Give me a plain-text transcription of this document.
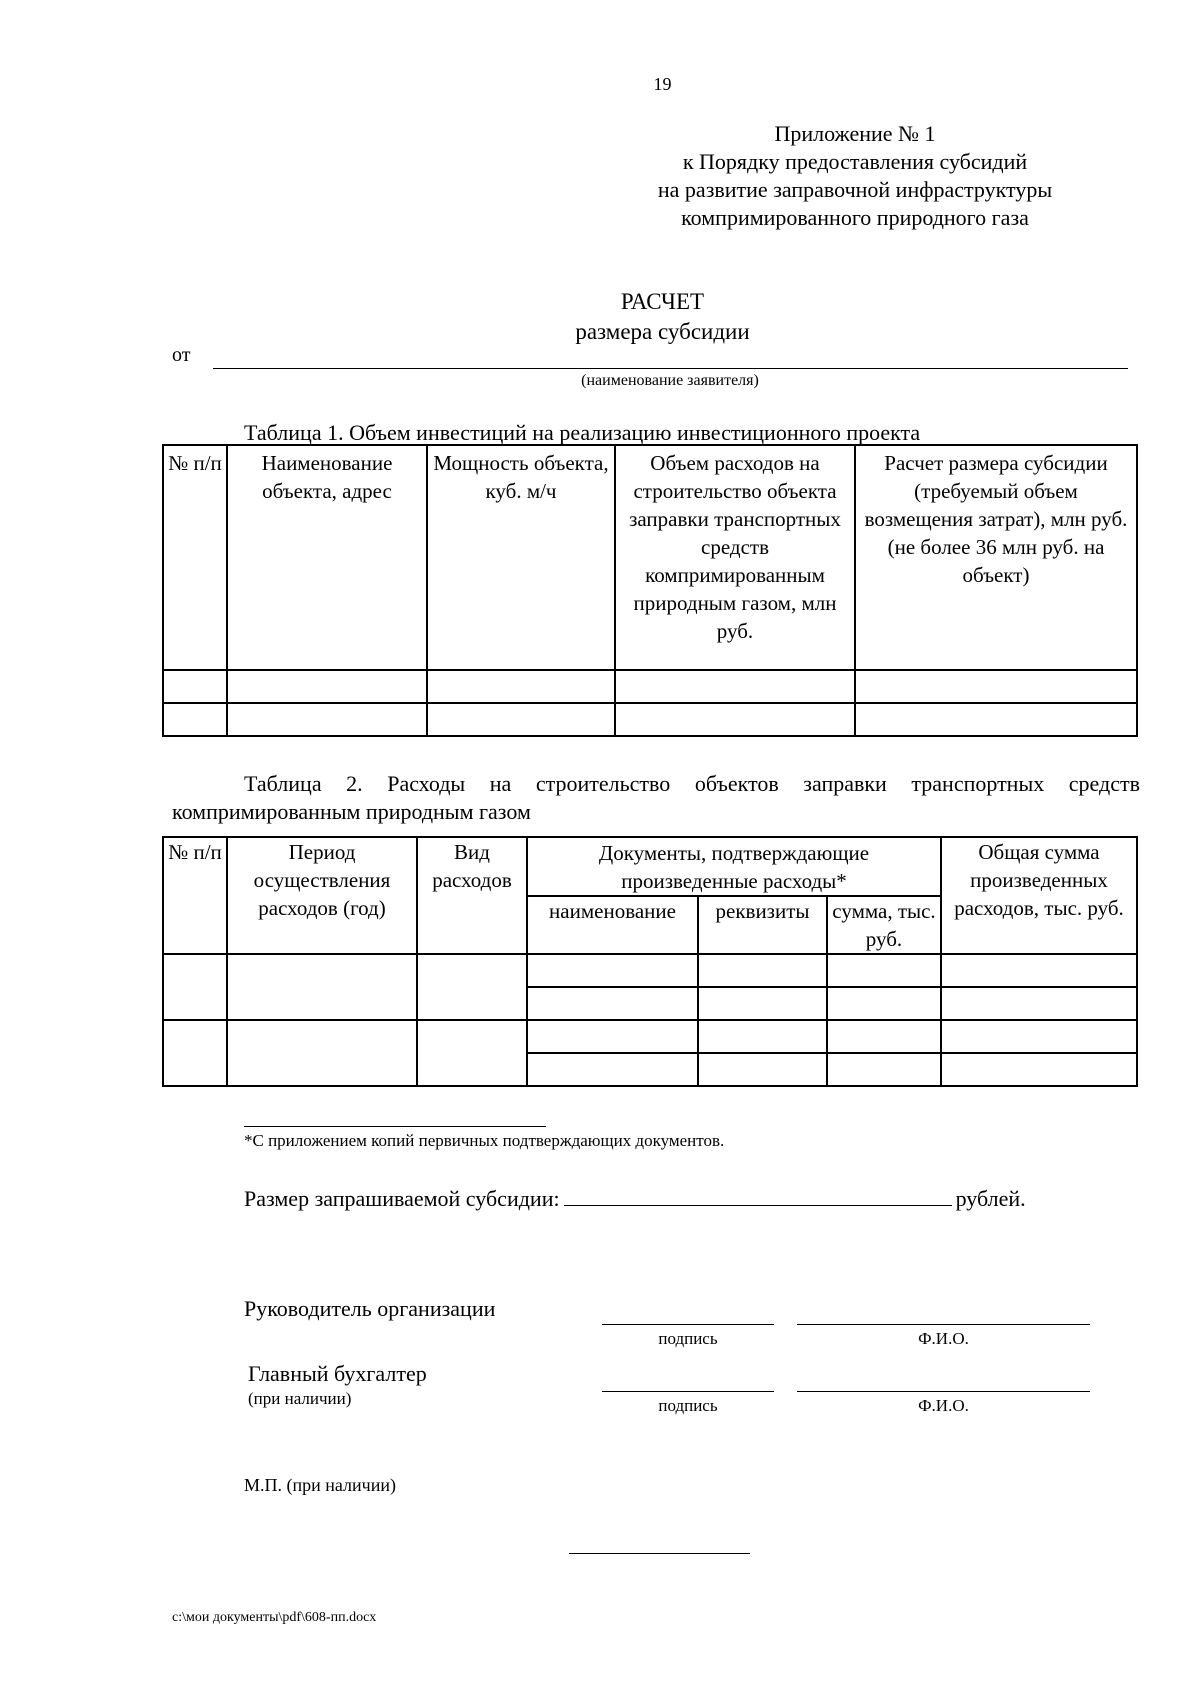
19
Приложение № 1
к Порядку предоставления субсидий
на развитие заправочной инфраструктуры
компримированного природного газа
РАСЧЕТ
размера субсидии
от
(наименование заявителя)
Таблица 1. Объем инвестиций на реализацию инвестиционного проекта
№ п/п	Наименование объекта, адрес	Мощность объекта, куб. м/ч	Объем расходов на строительство объекта заправки транспортных средств компримированным природным газом, млн руб.	Расчет размера субсидии (требуемый объем возмещения затрат), млн руб. (не более 36 млн руб. на объект)

Таблица 2. Расходы на строительство объектов заправки транспортных средств
компримированным природным газом
№ п/п	Период осуществления расходов (год)	Вид расходов	Документы, подтверждающие произведенные расходы*			Общая сумма произведенных расходов, тыс. руб.
			наименование	реквизиты	сумма, тыс. руб.	

*С приложением копий первичных подтверждающих документов.
Размер запрашиваемой субсидии:	рублей.
Руководитель организации
подпись	Ф.И.О.
Главный бухгалтер
(при наличии)	подпись	Ф.И.О.
М.П. (при наличии)
c:\мои документы\pdf\608-пп.docx
